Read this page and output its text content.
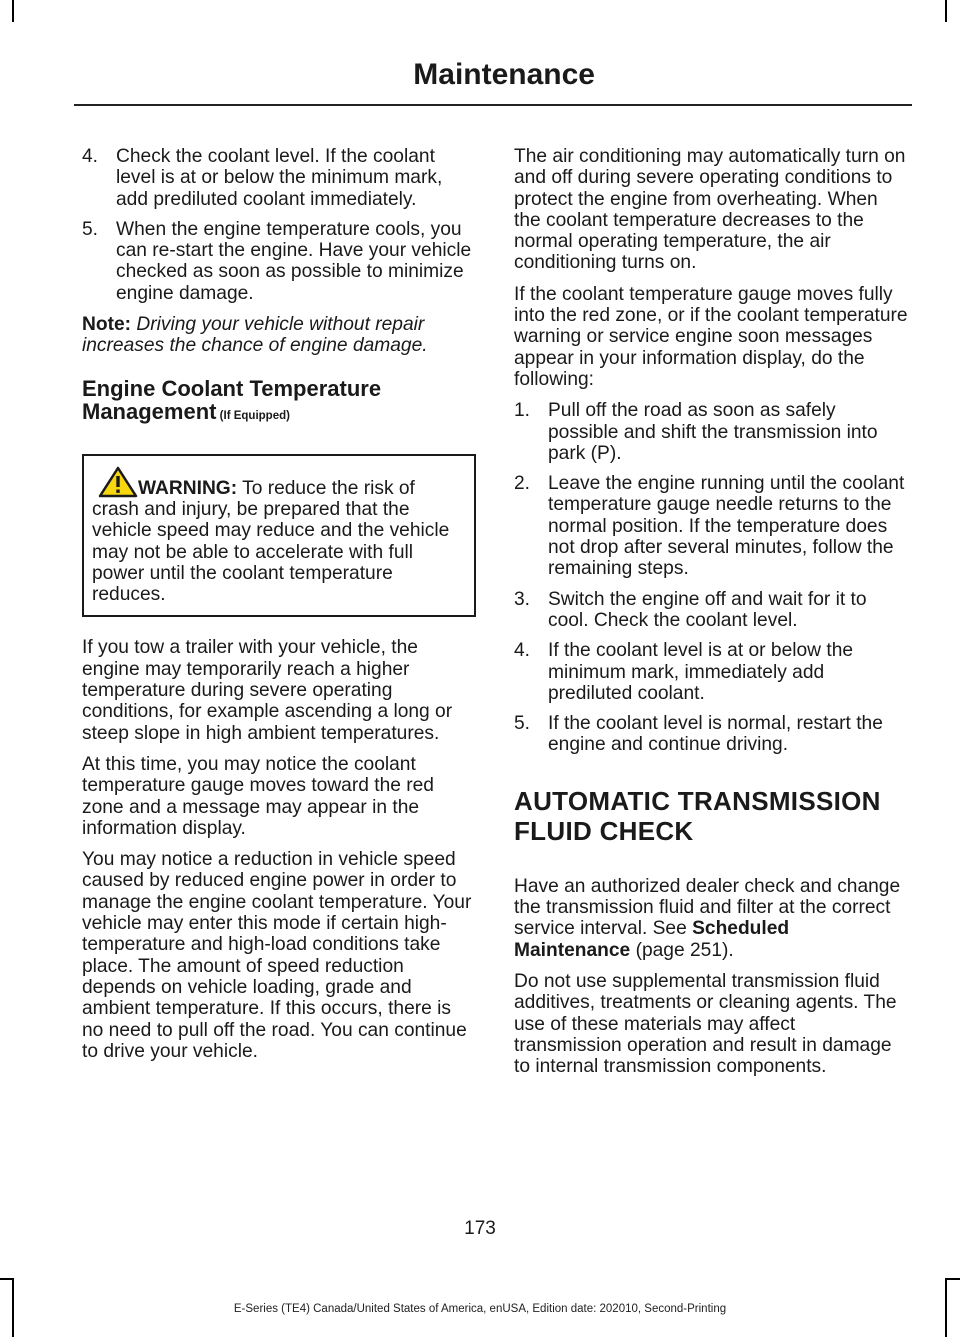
Maintenance
4. Check the coolant level. If the coolant level is at or below the minimum mark, add prediluted coolant immediately.
5. When the engine temperature cools, you can re-start the engine. Have your vehicle checked as soon as possible to minimize engine damage.

Note: Driving your vehicle without repair increases the chance of engine damage.

Engine Coolant Temperature Management (If Equipped)
WARNING: To reduce the risk of crash and injury, be prepared that the vehicle speed may reduce and the vehicle may not be able to accelerate with full power until the coolant temperature reduces.

If you tow a trailer with your vehicle, the engine may temporarily reach a higher temperature during severe operating conditions, for example ascending a long or steep slope in high ambient temperatures.

At this time, you may notice the coolant temperature gauge moves toward the red zone and a message may appear in the information display.

You may notice a reduction in vehicle speed caused by reduced engine power in order to manage the engine coolant temperature. Your vehicle may enter this mode if certain high-temperature and high-load conditions take place. The amount of speed reduction depends on vehicle loading, grade and ambient temperature. If this occurs, there is no need to pull off the road. You can continue to drive your vehicle.

The air conditioning may automatically turn on and off during severe operating conditions to protect the engine from overheating. When the coolant temperature decreases to the normal operating temperature, the air conditioning turns on.

If the coolant temperature gauge moves fully into the red zone, or if the coolant temperature warning or service engine soon messages appear in your information display, do the following:

1. Pull off the road as soon as safely possible and shift the transmission into park (P).
2. Leave the engine running until the coolant temperature gauge needle returns to the normal position. If the temperature does not drop after several minutes, follow the remaining steps.
3. Switch the engine off and wait for it to cool. Check the coolant level.
4. If the coolant level is at or below the minimum mark, immediately add prediluted coolant.
5. If the coolant level is normal, restart the engine and continue driving.
AUTOMATIC TRANSMISSION
FLUID CHECK

Have an authorized dealer check and change the transmission fluid and filter at the correct service interval. See Scheduled Maintenance (page 251).

Do not use supplemental transmission fluid additives, treatments or cleaning agents. The use of these materials may affect transmission operation and result in damage to internal transmission components.

173
E-Series (TE4) Canada/United States of America, enUSA, Edition date: 202010, Second-Printing
